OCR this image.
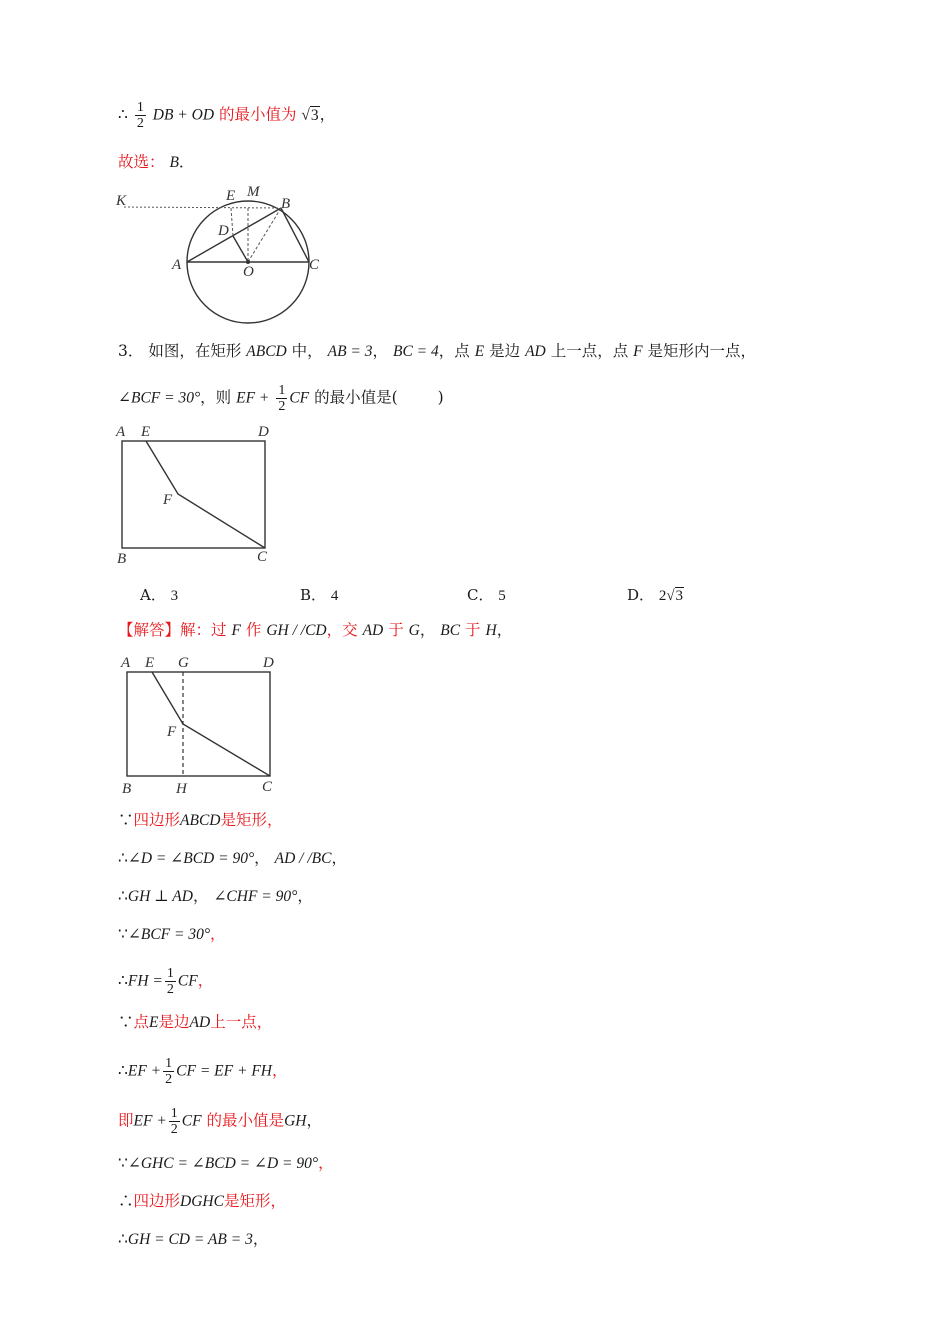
∴ $\frac{1}{2}$ DB + OD 的最小值为 √3，
故选： B．
K	E M
B
D
A	O	C
3． 如图，在矩形 ABCD 中， AB = 3， BC = 4，点 E 是边 AD 上一点，点 F 是矩形内一点，
∠BCF = 30°，则 EF + $\frac{1}{2}$ CF 的最小值是(	)
A E	D
F
B	C
A． 3	B． 4	C． 5	D． 2√3
【解答】解：过 F 作 GH / /CD，交 AD 于 G， BC 于 H，
A E G	D
F
B	H	C
∵四边形ABCD是矩形，
∴∠D = ∠BCD = 90°， AD / /BC，
∴GH ⊥ AD， ∠CHF = 90°，
∵∠BCF = 30°，
∴FH = $\frac{1}{2}$ CF，
∵点E是边AD上一点，
∴EF + $\frac{1}{2}$ CF = EF + FH，
即EF + $\frac{1}{2}$ CF 的最小值是GH，
∵∠GHC = ∠BCD = ∠D = 90°，
∴四边形DGHC是矩形，
∴GH = CD = AB = 3，
